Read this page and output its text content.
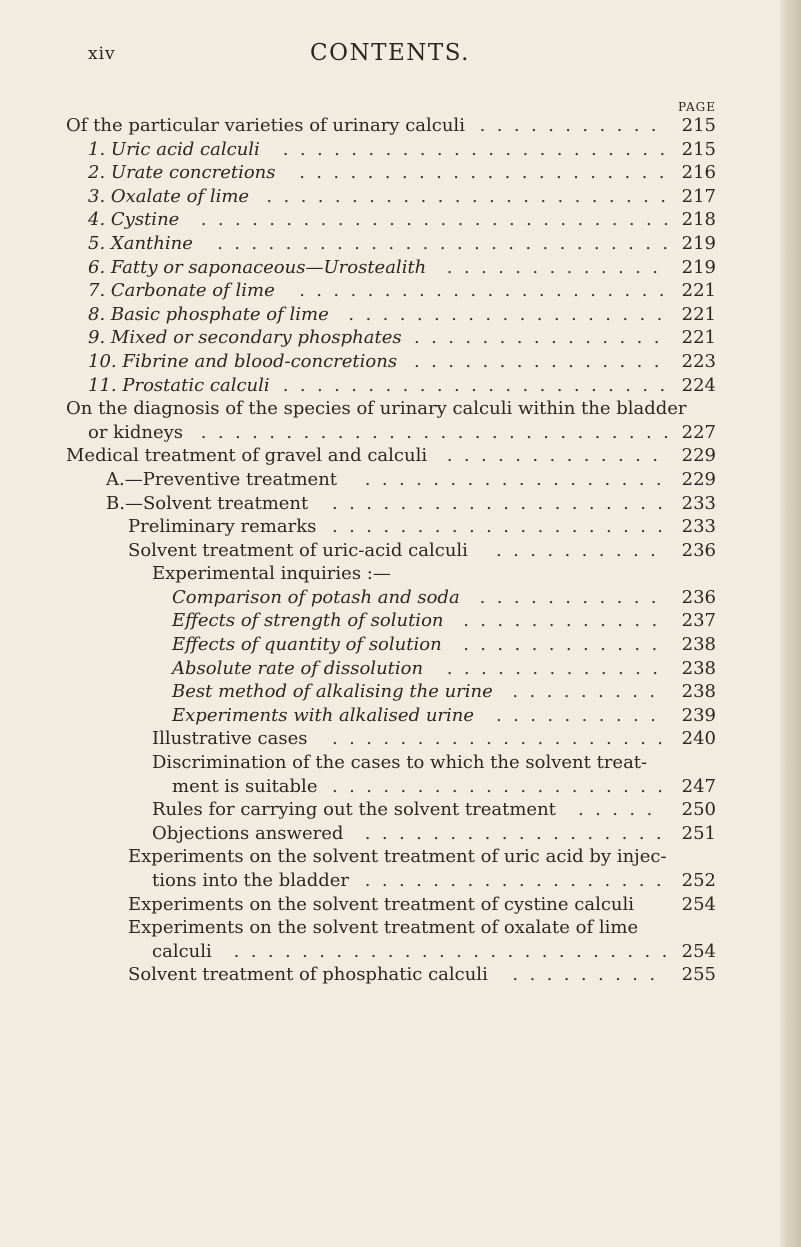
xiv	CONTENTS.
PAGE
Of the particular varieties of urinary calculi ........... 215
1. Uric acid calculi ....................... 215
2. Urate concretions ...................... 216
3. Oxalate of lime ........................ 217
4. Cystine ............................ 218
5. Xanthine ........................... 219
6. Fatty or saponaceous—Urostealith ............. 219
7. Carbonate of lime ...................... 221
8. Basic phosphate of lime ................... 221
9. Mixed or secondary phosphates ............... 221
10. Fibrine and blood-concretions ............... 223
11. Prostatic calculi ....................... 224
On the diagnosis of the species of urinary calculi within the bladder
or kidneys ............................ 227
Medical treatment of gravel and calculi ............. 229
A.—Preventive treatment .................. 229
B.—Solvent treatment .................... 233
Preliminary remarks .................... 233
Solvent treatment of uric-acid calculi .......... 236
Experimental inquiries :—
Comparison of potash and soda ........... 236
Effects of strength of solution ............ 237
Effects of quantity of solution ............ 238
Absolute rate of dissolution ............. 238
Best method of alkalising the urine ......... 238
Experiments with alkalised urine .......... 239
Illustrative cases .................... 240
Discrimination of the cases to which the solvent treat-
ment is suitable .................... 247
Rules for carrying out the solvent treatment .....	250
Objections answered .................. 251
Experiments on the solvent treatment of uric acid by injec-
tions into the bladder .................. 252
Experiments on the solvent treatment of cystine calculi	254
Experiments on the solvent treatment of oxalate of lime
calculi .......................... 254
Solvent treatment of phosphatic calculi ......... 255
